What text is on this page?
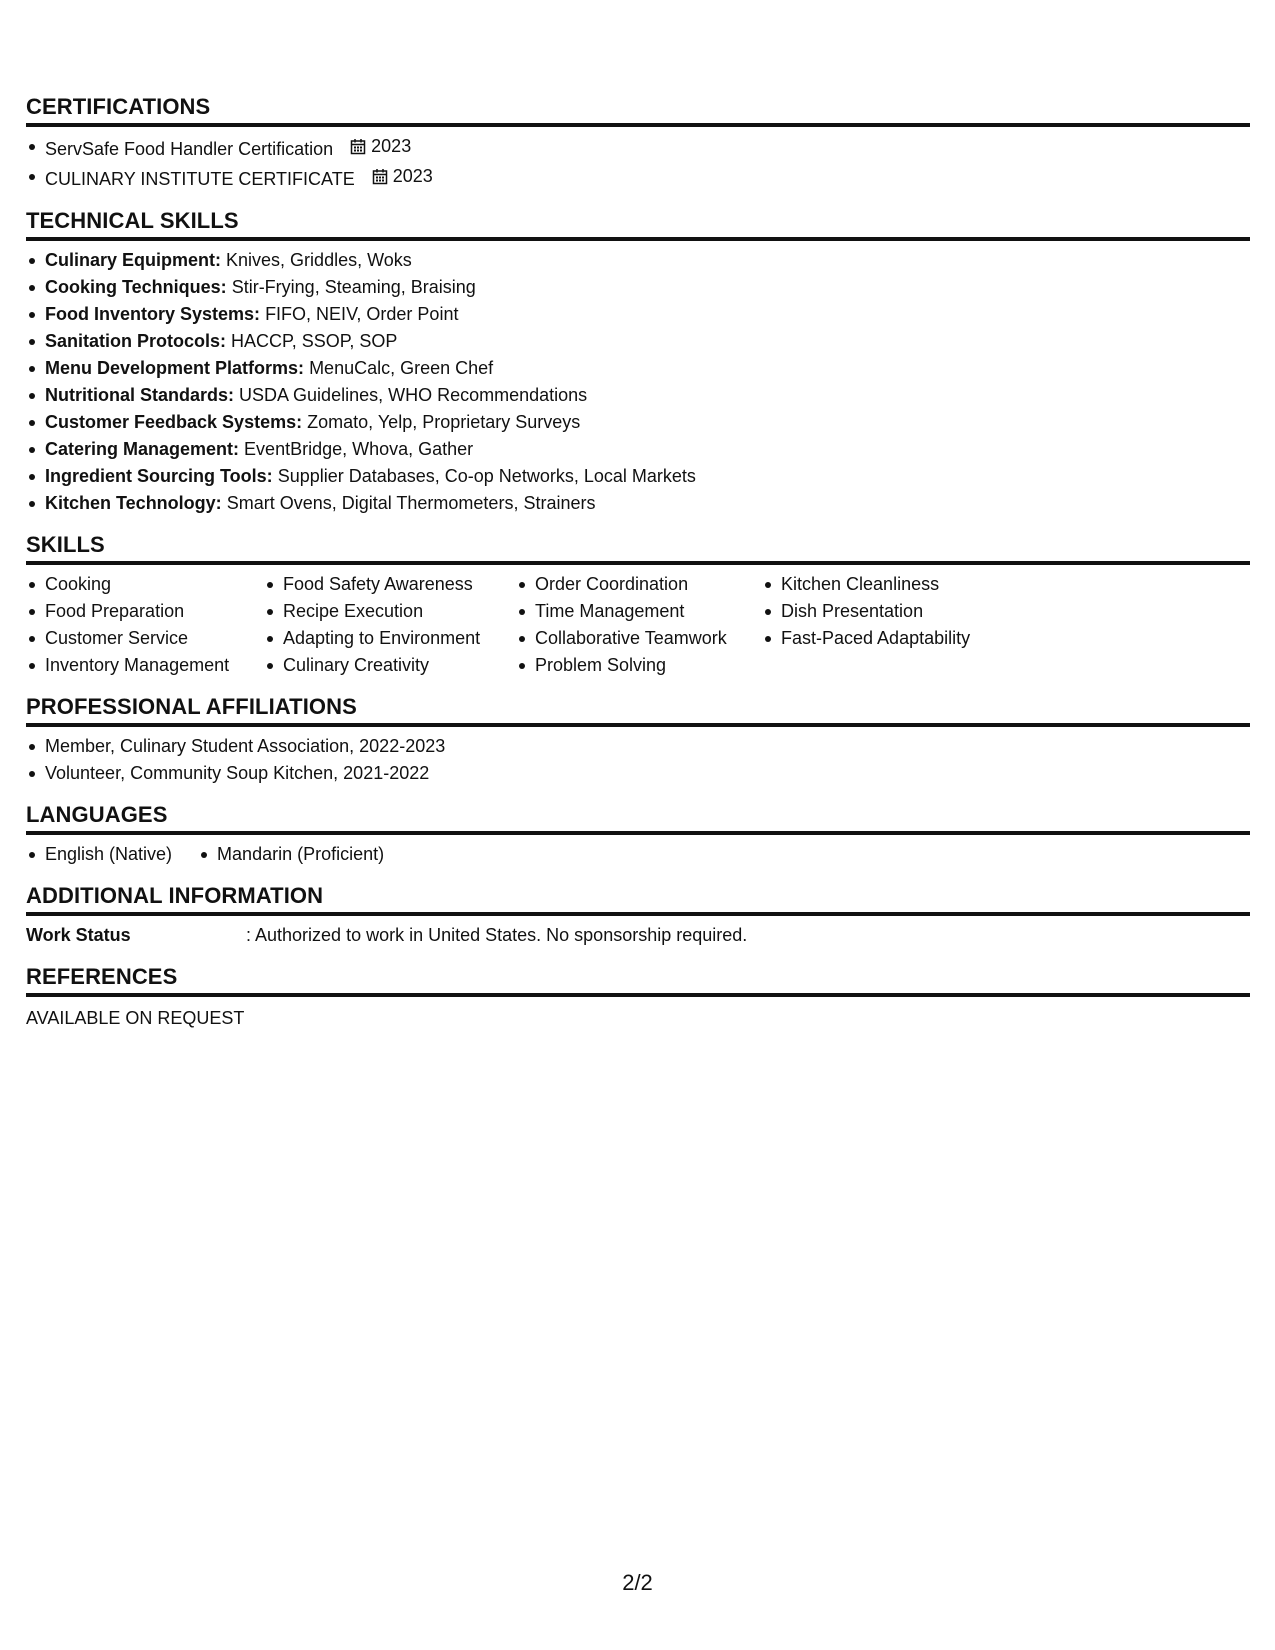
CERTIFICATIONS
ServSafe Food Handler Certification 2023
CULINARY INSTITUTE CERTIFICATE 2023
TECHNICAL SKILLS
Culinary Equipment: Knives, Griddles, Woks
Cooking Techniques: Stir-Frying, Steaming, Braising
Food Inventory Systems: FIFO, NEIV, Order Point
Sanitation Protocols: HACCP, SSOP, SOP
Menu Development Platforms: MenuCalc, Green Chef
Nutritional Standards: USDA Guidelines, WHO Recommendations
Customer Feedback Systems: Zomato, Yelp, Proprietary Surveys
Catering Management: EventBridge, Whova, Gather
Ingredient Sourcing Tools: Supplier Databases, Co-op Networks, Local Markets
Kitchen Technology: Smart Ovens, Digital Thermometers, Strainers
SKILLS
Cooking
Food Preparation
Customer Service
Inventory Management
Food Safety Awareness
Recipe Execution
Adapting to Environment
Culinary Creativity
Order Coordination
Time Management
Collaborative Teamwork
Problem Solving
Kitchen Cleanliness
Dish Presentation
Fast-Paced Adaptability
PROFESSIONAL AFFILIATIONS
Member, Culinary Student Association, 2022-2023
Volunteer, Community Soup Kitchen, 2021-2022
LANGUAGES
English (Native)	Mandarin (Proficient)
ADDITIONAL INFORMATION
Work Status	: Authorized to work in United States. No sponsorship required.
REFERENCES
AVAILABLE ON REQUEST
2/2
